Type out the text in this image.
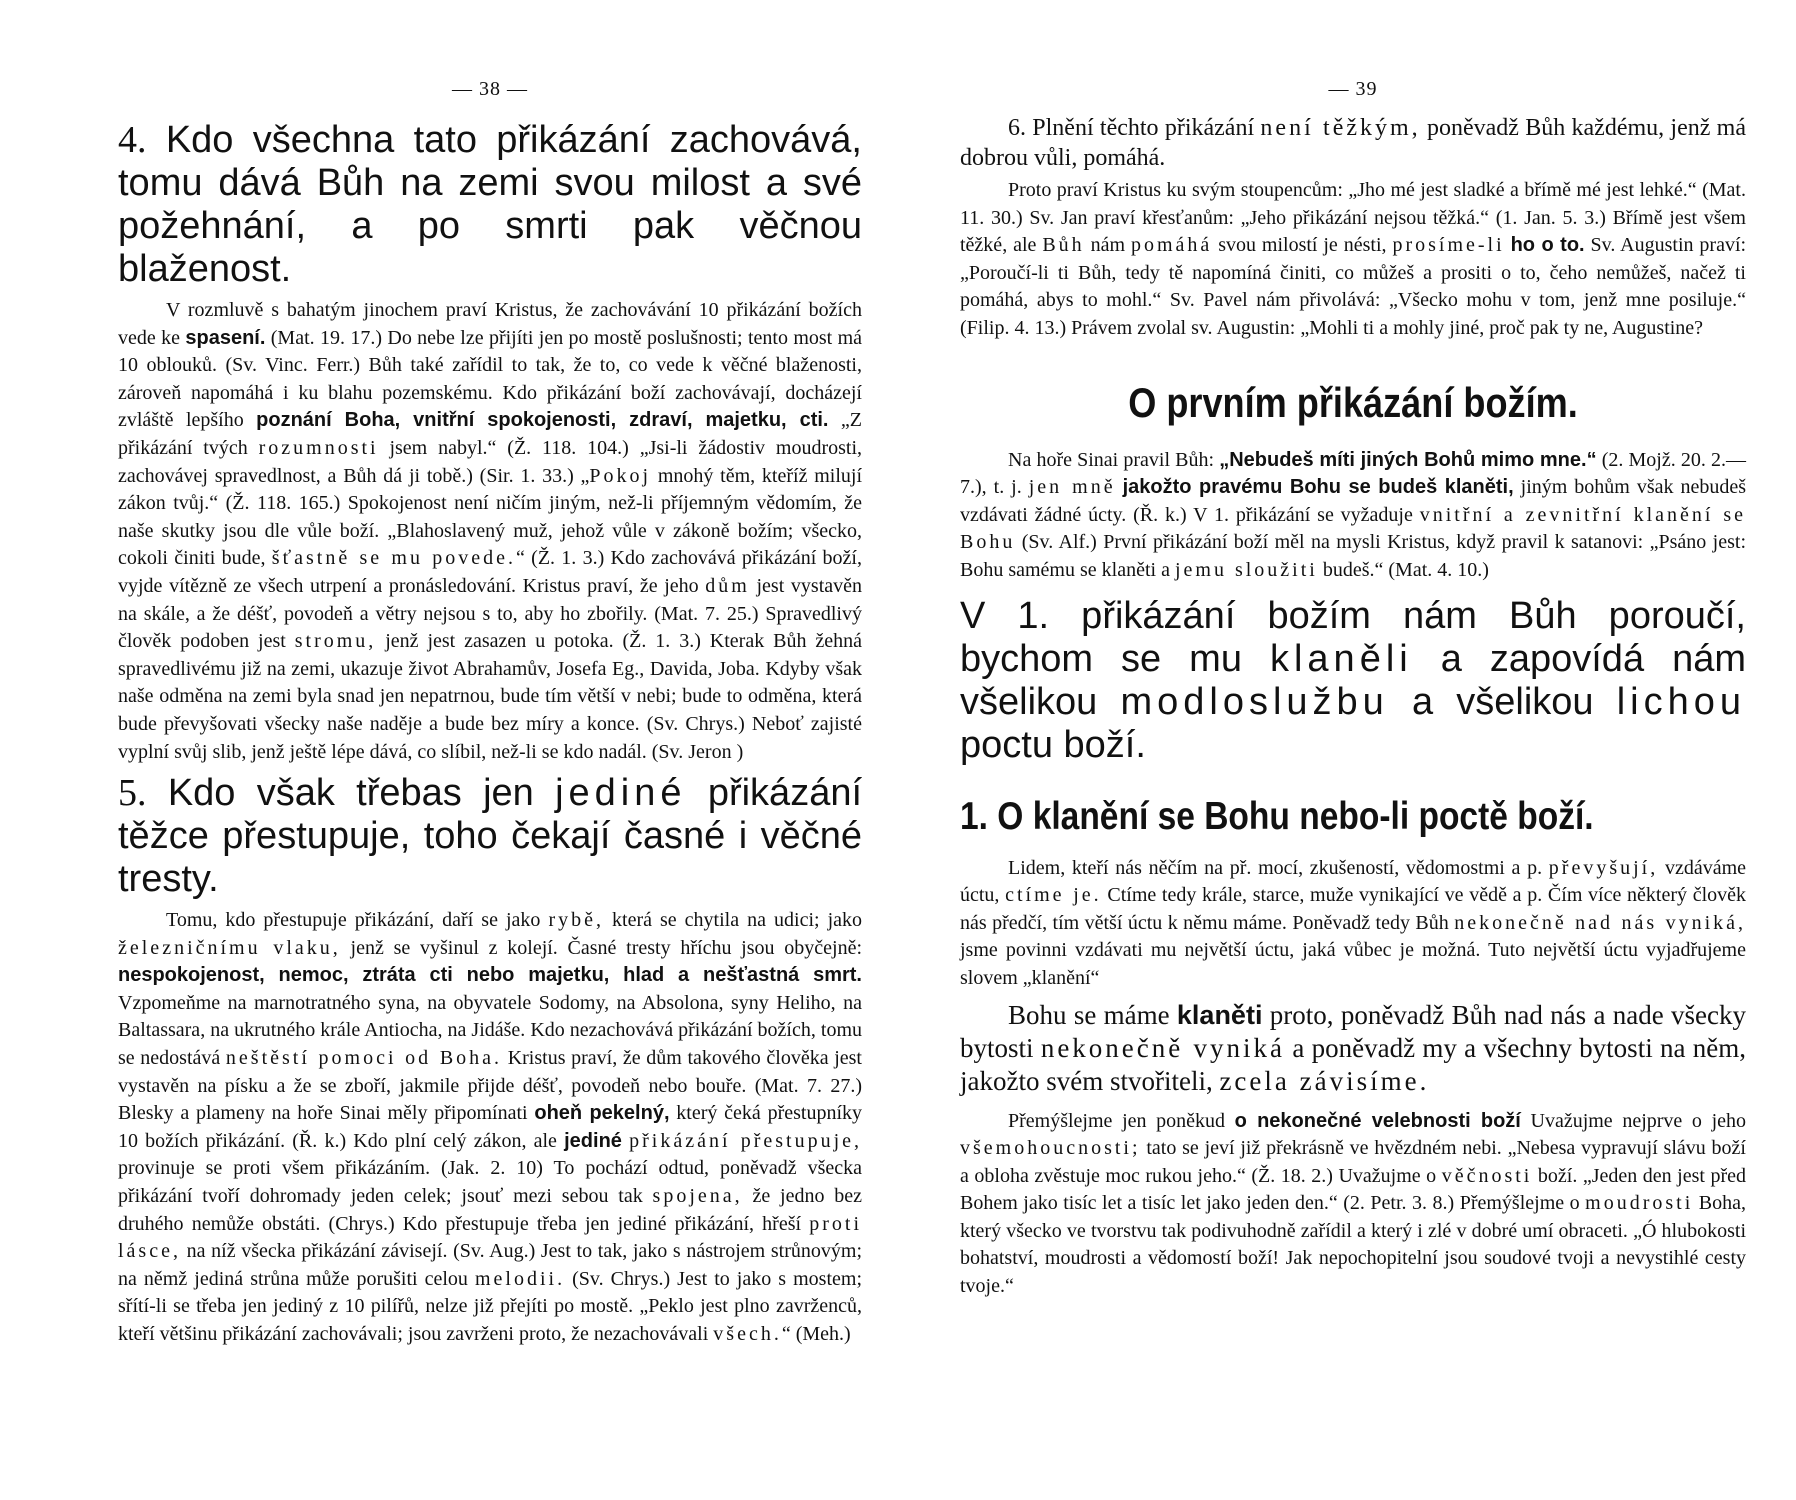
— 38 —

4. Kdo všechna tato přikázání zachovává, tomu dává Bůh na zemi svou milost a své požehnání, a po smrti pak věčnou blaženost.

V rozmluvě s bahatým jinochem praví Kristus, že zachovávání 10 přikázání božích vede ke spasení. (Mat. 19. 17.) Do nebe lze přijíti jen po mostě poslušnosti; tento most má 10 oblouků. (Sv. Vinc. Ferr.) Bůh také zařídil to tak, že to, co vede k věčné blaženosti, zároveň napomáhá i ku blahu pozemskému. Kdo přikázání boží zachovávají, docházejí zvláště lepšího poznání Boha, vnitřní spokojenosti, zdraví, majetku, cti. „Z přikázání tvých rozumnosti jsem nabyl.“ (Ž. 118. 104.) „Jsi-li žádostiv moudrosti, zachovávej spravedlnost, a Bůh dá ji tobě.) (Sir. 1. 33.) „Pokoj mnohý těm, kteříž milují zákon tvůj.“ (Ž. 118. 165.) Spokojenost není ničím jiným, než-li příjemným vědomím, že naše skutky jsou dle vůle boží. „Blahoslavený muž, jehož vůle v zákoně božím; všecko, cokoli činiti bude, šťastně se mu povede.“ (Ž. 1. 3.) Kdo zachovává přikázání boží, vyjde vítězně ze všech utrpení a pronásledování. Kristus praví, že jeho dům jest vystavěn na skále, a že déšť, povodeň a větry nejsou s to, aby ho zbořily. (Mat. 7. 25.) Spravedlivý člověk podoben jest stromu, jenž jest zasazen u potoka. (Ž. 1. 3.) Kterak Bůh žehná spravedlivému již na zemi, ukazuje život Abrahamův, Josefa Eg., Davida, Joba. Kdyby však naše odměna na zemi byla snad jen nepatrnou, bude tím větší v nebi; bude to odměna, která bude převyšovati všecky naše naděje a bude bez míry a konce. (Sv. Chrys.) Neboť zajisté vyplní svůj slib, jenž ještě lépe dává, co slíbil, než-li se kdo nadál. (Sv. Jeron )

5. Kdo však třebas jen jediné přikázání těžce přestupuje, toho čekají časné i věčné tresty.

Tomu, kdo přestupuje přikázání, daří se jako rybě, která se chytila na udici; jako železničnímu vlaku, jenž se vyšinul z kolejí. Časné tresty hříchu jsou obyčejně: nespokojenost, nemoc, ztráta cti nebo majetku, hlad a nešťastná smrt. Vzpomeňme na marnotratného syna, na obyvatele Sodomy, na Absolona, syny Heliho, na Baltassara, na ukrutného krále Antiocha, na Jidáše. Kdo nezachovává přikázání božích, tomu se nedostává neštěstí pomoci od Boha. Kristus praví, že dům takového člověka jest vystavěn na písku a že se zboří, jakmile přijde déšť, povodeň nebo bouře. (Mat. 7. 27.) Blesky a plameny na hoře Sinai měly připomínati oheň pekelný, který čeká přestupníky 10 božích přikázání. (Ř. k.) Kdo plní celý zákon, ale jediné přikázání přestupuje, provinuje se proti všem přikázáním. (Jak. 2. 10) To pochází odtud, poněvadž všecka přikázání tvoří dohromady jeden celek; jsouť mezi sebou tak spojena, že jedno bez druhého nemůže obstáti. (Chrys.) Kdo přestupuje třeba jen jediné přikázání, hřeší proti lásce, na níž všecka přikázání závisejí. (Sv. Aug.) Jest to tak, jako s nástrojem strůnovým; na němž jediná strůna může porušiti celou melodii. (Sv. Chrys.) Jest to jako s mostem; sřítí-li se třeba jen jediný z 10 pilířů, nelze již přejíti po mostě. „Peklo jest plno zavrženců, kteří většinu přikázání zachovávali; jsou zavrženi proto, že nezachovávali všech.“ (Meh.)

— 39

6. Plnění těchto přikázání není těžkým, poněvadž Bůh každému, jenž má dobrou vůli, pomáhá.

Proto praví Kristus ku svým stoupencům: „Jho mé jest sladké a břímě mé jest lehké.“ (Mat. 11. 30.) Sv. Jan praví křesťanům: „Jeho přikázání nejsou těžká.“ (1. Jan. 5. 3.) Břímě jest všem těžké, ale Bůh nám pomáhá svou milostí je nésti, prosíme-li ho o to. Sv. Augustin praví: „Poroučí-li ti Bůh, tedy tě napomíná činiti, co můžeš a prositi o to, čeho nemůžeš, načež ti pomáhá, abys to mohl.“ Sv. Pavel nám přivolává: „Všecko mohu v tom, jenž mne posiluje.“ (Filip. 4. 13.) Právem zvolal sv. Augustin: „Mohli ti a mohly jiné, proč pak ty ne, Augustine?

O prvním přikázání božím.

Na hoře Sinai pravil Bůh: „Nebudeš míti jiných Bohů mimo mne.“ (2. Mojž. 20. 2.—7.), t. j. jen mně jakožto pravému Bohu se budeš klaněti, jiným bohům však nebudeš vzdávati žádné úcty. (Ř. k.) V 1. přikázání se vyžaduje vnitřní a zevnitřní klanění se Bohu (Sv. Alf.) První přikázání boží měl na mysli Kristus, když pravil k satanovi: „Psáno jest: Bohu samému se klaněti a jemu sloužiti budeš.“ (Mat. 4. 10.)

V 1. přikázání božím nám Bůh poroučí, bychom se mu klaněli a zapovídá nám všelikou modloslužbu a všelikou lichou poctu boží.

1. O klanění se Bohu nebo-li poctě boží.

Lidem, kteří nás něčím na př. mocí, zkušeností, vědomostmi a p. převyšují, vzdáváme úctu, ctíme je. Ctíme tedy krále, starce, muže vynikající ve vědě a p. Čím více některý člověk nás předčí, tím větší úctu k němu máme. Poněvadž tedy Bůh nekonečně nad nás vyniká, jsme povinni vzdávati mu největší úctu, jaká vůbec je možná. Tuto největší úctu vyjadřujeme slovem „klanění“

Bohu se máme klaněti proto, poněvadž Bůh nad nás a nade všecky bytosti nekonečně vyniká a poněvadž my a všechny bytosti na něm, jakožto svém stvořiteli, zcela závisíme.

Přemýšlejme jen poněkud o nekonečné velebnosti boží Uvažujme nejprve o jeho všemohoucnosti; tato se jeví již překrásně ve hvězdném nebi. „Nebesa vypravují slávu boží a obloha zvěstuje moc rukou jeho.“ (Ž. 18. 2.) Uvažujme o věčnosti boží. „Jeden den jest před Bohem jako tisíc let a tisíc let jako jeden den.“ (2. Petr. 3. 8.) Přemýšlejme o moudrosti Boha, který všecko ve tvorstvu tak podivuhodně zařídil a který i zlé v dobré umí obraceti. „Ó hlubokosti bohatství, moudrosti a vědomostí boží! Jak nepochopitelní jsou soudové tvoji a nevystihlé cesty tvoje.“
